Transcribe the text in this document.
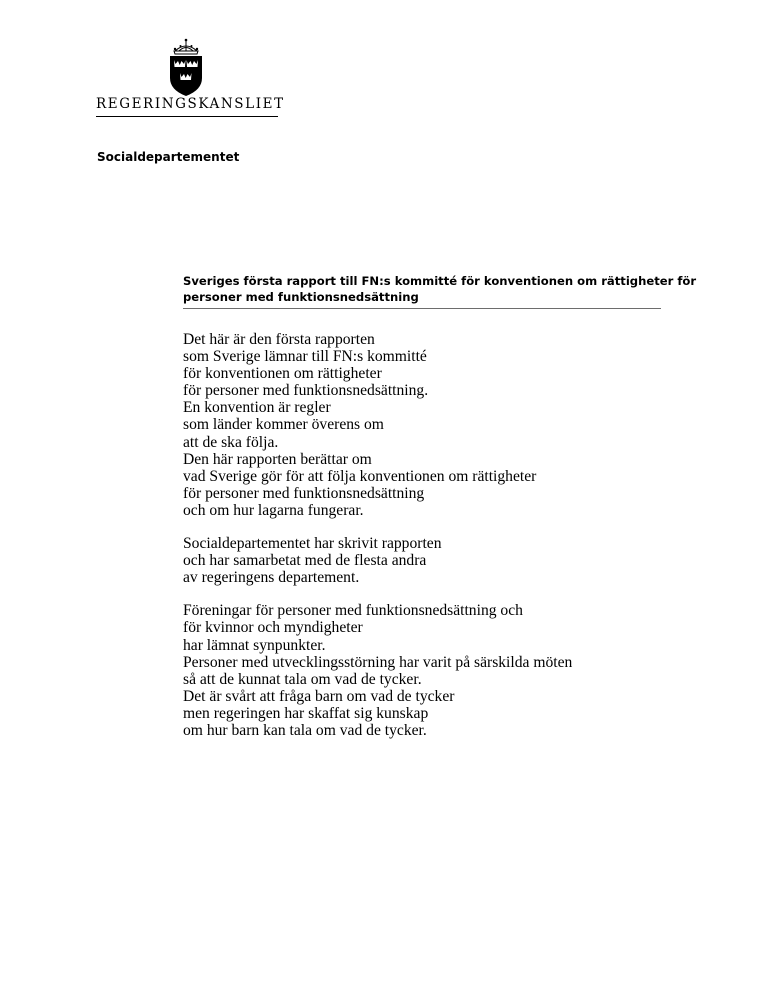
REGERINGSKANSLIET
Socialdepartementet
Sveriges första rapport till FN:s kommitté för konventionen om rättigheter för
personer med funktionsnedsättning
Det här är den första rapporten
som Sverige lämnar till FN:s kommitté
för konventionen om rättigheter
för personer med funktionsnedsättning.
En konvention är regler
som länder kommer överens om
att de ska följa.
Den här rapporten berättar om
vad Sverige gör för att följa konventionen om rättigheter
för personer med funktionsnedsättning
och om hur lagarna fungerar.
Socialdepartementet har skrivit rapporten
och har samarbetat med de flesta andra
av regeringens departement.
Föreningar för personer med funktionsnedsättning och
för kvinnor och myndigheter
har lämnat synpunkter.
Personer med utvecklingsstörning har varit på särskilda möten
så att de kunnat tala om vad de tycker.
Det är svårt att fråga barn om vad de tycker
men regeringen har skaffat sig kunskap
om hur barn kan tala om vad de tycker.
